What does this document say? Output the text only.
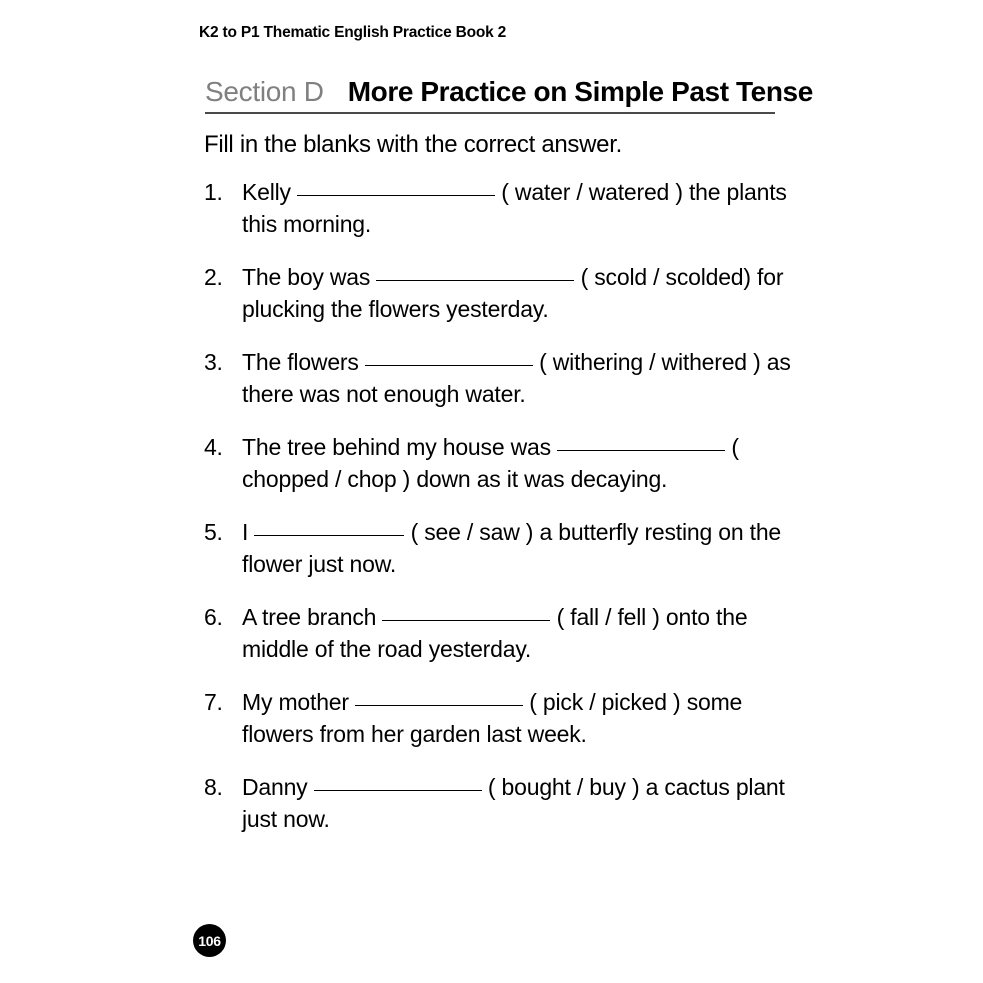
K2 to P1 Thematic English Practice Book 2
Section D More Practice on Simple Past Tense
Fill in the blanks with the correct answer.
1. Kelly	( water / watered ) the plants this morning.
2. The boy was	( scold / scolded) for plucking the flowers yesterday.
3. The flowers	( withering / withered ) as there was not enough water.
4. The tree behind my house was	( chopped / chop ) down as it was decaying.
5. I	( see / saw ) a butterfly resting on the flower just now.
6. A tree branch	( fall / fell ) onto the middle of the road yesterday.
7. My mother	( pick / picked ) some flowers from her garden last week.
8. Danny	( bought / buy ) a cactus plant just now.
106
